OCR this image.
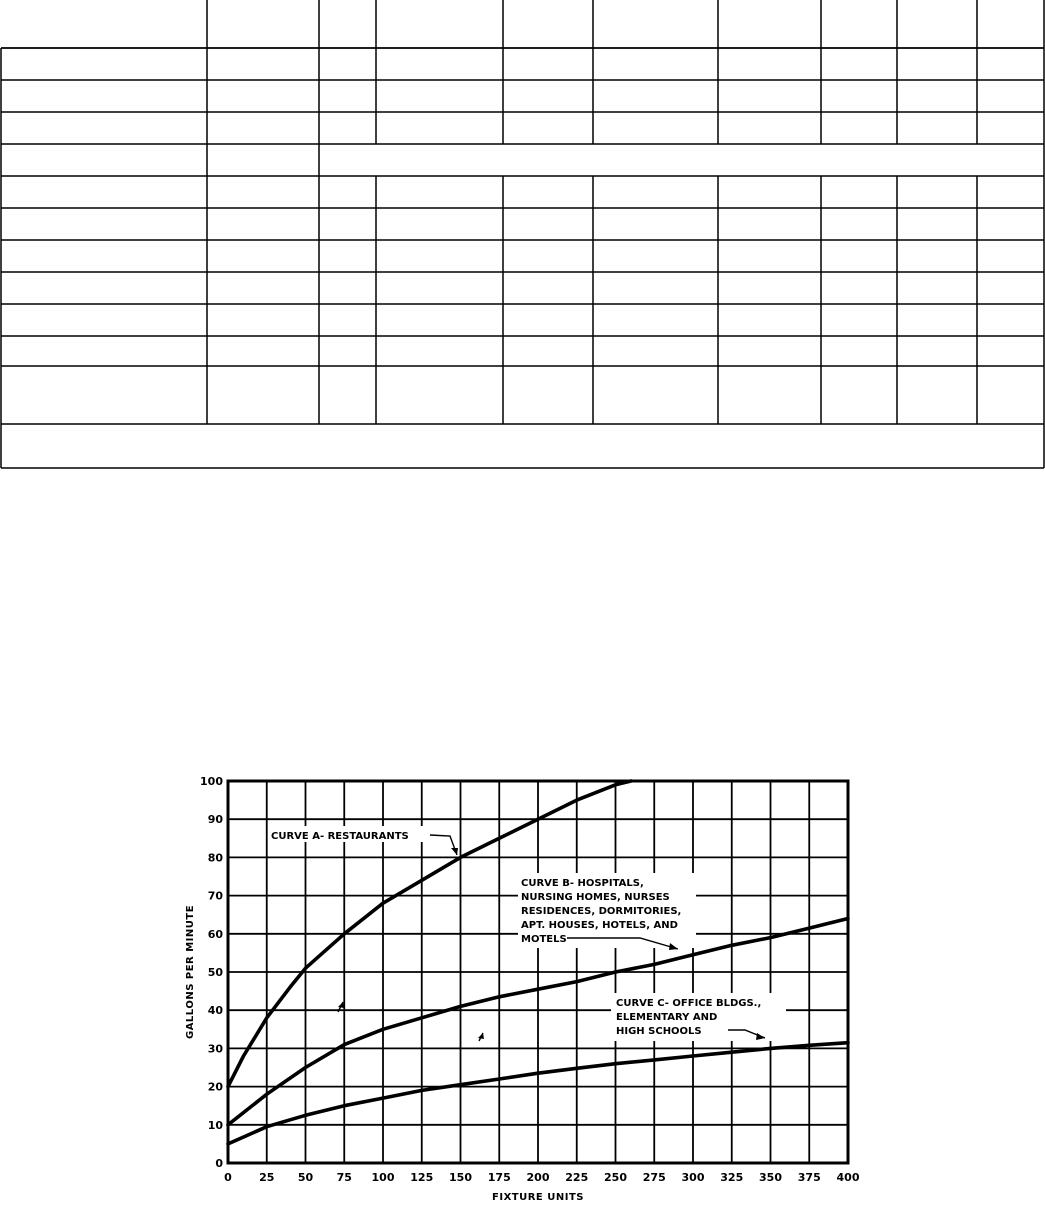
0
10
20
30
40
50
60
70
80
90
100
0 25 50 75 100 125 150 175 200 225 250 275 300 325 350 375 400
FIXTURE UNITS
GALLONS PER MINUTE
CURVE A- RESTAURANTS
CURVE B- HOSPITALS,
NURSING HOMES, NURSES
RESIDENCES, DORMITORIES,
APT. HOUSES, HOTELS, AND
MOTELS
CURVE C- OFFICE BLDGS.,
ELEMENTARY AND
HIGH SCHOOLS
